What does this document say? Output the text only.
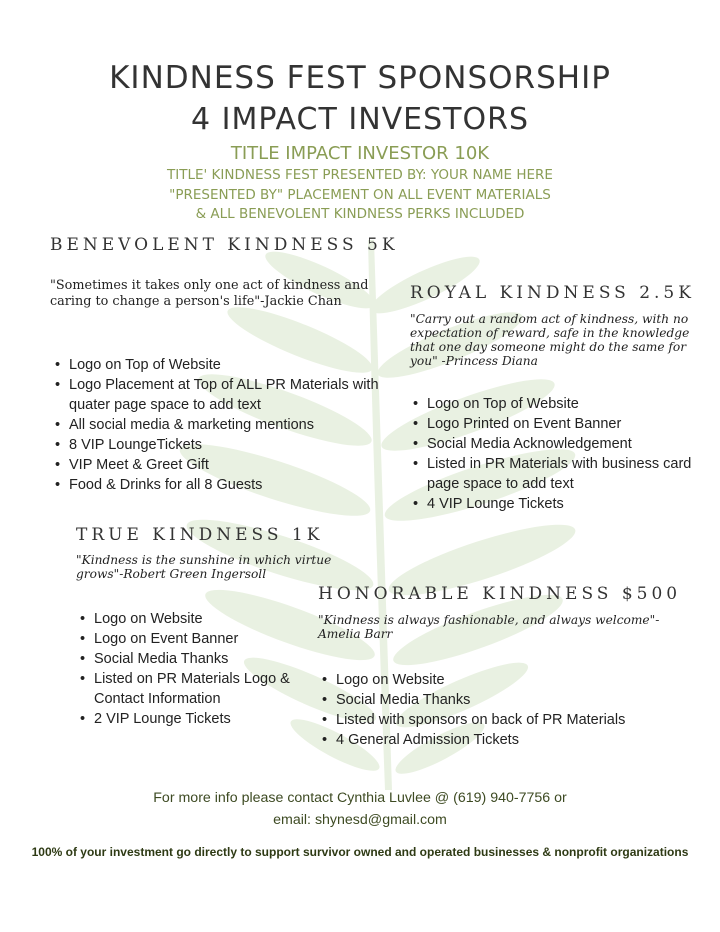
KINDNESS FEST SPONSORSHIP
4 IMPACT INVESTORS
TITLE IMPACT INVESTOR 10K
TITLE' KINDNESS FEST PRESENTED BY: YOUR NAME HERE
"PRESENTED BY" PLACEMENT ON ALL EVENT MATERIALS
& ALL BENEVOLENT KINDNESS PERKS INCLUDED
BENEVOLENT KINDNESS 5K
"Sometimes it takes only one act of kindness and
caring to change a person's life"-Jackie Chan
• Logo on Top of Website
• Logo Placement at Top of ALL PR Materials with quater page space to add text
• All social media & marketing mentions
• 8 VIP LoungeTickets
• VIP Meet & Greet Gift
• Food & Drinks for all 8 Guests
ROYAL KINDNESS 2.5K
"Carry out a random act of kindness, with no
expectation of reward, safe in the knowledge
that one day someone might do the same for
you" -Princess Diana
• Logo on Top of Website
• Logo Printed on Event Banner
• Social Media Acknowledgement
• Listed in PR Materials with business card page space to add text
• 4 VIP Lounge Tickets
TRUE KINDNESS 1K
"Kindness is the sunshine in which virtue
grows"-Robert Green Ingersoll
• Logo on Website
• Logo on Event Banner
• Social Media Thanks
• Listed on PR Materials Logo & Contact Information
• 2 VIP Lounge Tickets
HONORABLE KINDNESS $500
"Kindness is always fashionable, and always welcome"-
Amelia Barr
• Logo on Website
• Social Media Thanks
• Listed with sponsors on back of PR Materials
• 4 General Admission Tickets
For more info please contact Cynthia Luvlee @ (619) 940-7756 or
email: shynesd@gmail.com
100% of your investment go directly to support survivor owned and operated businesses & nonprofit organizations
